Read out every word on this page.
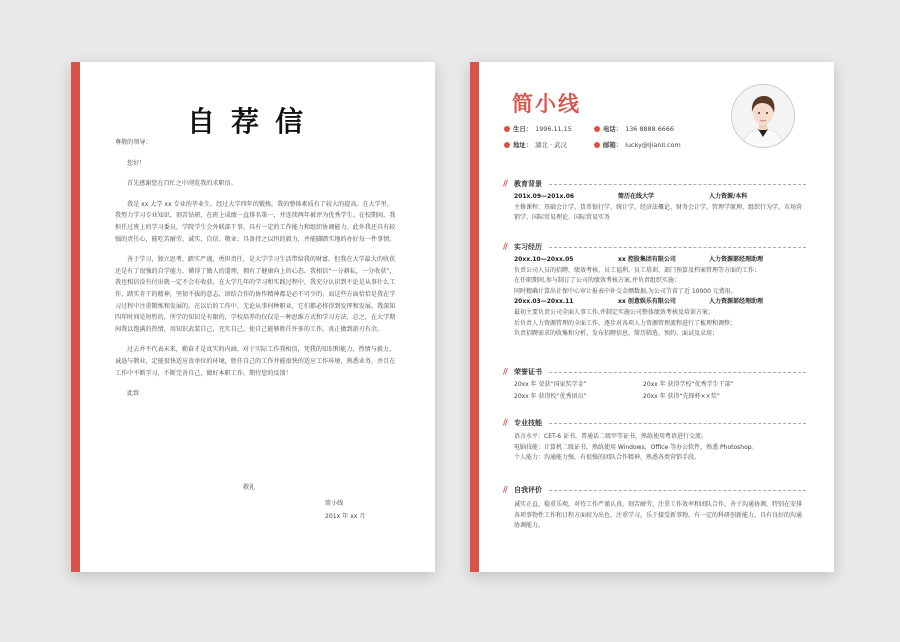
自荐信

尊敬的领导：

您好！

首先感谢您在百忙之中浏览我的求职信。

我是 xx 大学 xx 专业的毕业生。经过大学四年的锻炼，我的整体素质有了较大的提高。在大学里，我努力学习专业知识，刻苦钻研，在班上成绩一直排名第一，并连续两年被评为优秀学生。在校期间，我担任过班上的学习委员，学院学生会外联部干事，具有一定的工作能力和组织协调能力。此外我还具有较强的责任心，能吃苦耐劳、诚实、自信、敬业；具备持之以恒的毅力，并能脚踏实地的办好每一件事情。

善于学习，独立思考，踏实严谨，勇担责任，是大学学习生活带给我的财富。但我在大学最大的收获还是有了很强的自学能力，懂得了做人的道理，拥有了健康向上的心态。我相信“一分耕耘，一分收获”，我也相信没有付出就一定不会有收获。在大学几年的学习和实践过程中，我充分认识到不论是从事什么工作，踏实肯干的精神，坚韧不拔的意志，团结合作的协作精神都是必不可少的，而这些方面恰恰是我在学习过程中注重锻炼和发展的。在以后的工作中，无论从事何种职业，它们都必将得到发挥和发展。我深知四年时间是短暂的，所学的知识是有限的，学校培养的仅仅是一种思维方式和学习方法，总之，在大学期间我以饱满的热情，用知识武装自己，充实自己，使自己能够胜任许多的工作，真正做到游刃有余。

过去并不代表未来，勤奋才是真实的内涵。对于实际工作我相信，凭我的知识和能力、热情与毅力、诚恳与敬业，定能很快适应贵单位的环境，胜任自己的工作并能很快的适应工作环境，熟悉业务，并且在工作中不断学习，不断完善自己，做好本职工作。期待您的反馈！

此致

敬礼
简小线
201x 年 xx 月
简小线
生日： 1996.11.15	电话： 136 8888 6666
地址： 湖北 · 武汉	邮箱： lucky@ljianli.com
// 教育背景
201x.09—201x.06	简历在线大学	人力资源/本科

主修课程：基础会计学、货币银行学、统计学、经济法概论、财务会计学、管理学原理、组织行为学、市场营销学、国际贸易理论、国际贸易实务

// 实习经历
20xx.10—20xx.05	xx 控股集团有限公司	人力资源部经理助理

负责公司人员的招聘、绩效考核、员工福利、员工培训、部门预算及档案管理等方面的工作；

在任职期间,参与制订了公司的绩效考核方案,并负责组织实施；

同时精确计算出社保中心审计报表中补交金额数据,为公司节省了近 10000 元费用。

20xx.03—20xx.11	xx 创意娱乐有限公司	人力资源部经理助理

最初主要负责公司全面人事工作,并制定实施公司整体绩效考核及培训方案；

后负责人力资源管理的全面工作，逐步对各项人力资源管理流程进行了梳理和调整；

负责招聘需求的收集和分析，发布招聘信息，简历筛选、预约、面试及录用；

// 荣誉证书
20xx 年 荣获“国家奖学金”	20xx 年 获得学校“优秀学生干部”
20xx 年 获得校“优秀团员”	20xx 年 获得“先锋杯××奖”
// 专业技能

语言水平：CET-6 证书，普通话二级甲等证书，熟练使用粤语进行交流。

电脑技能：计算机二级证书，熟练使用 Windows，Office 等办公软件，熟悉 Photoshop。

个人能力：沟通能力强，有很强的团队合作精神，熟悉各类营销手段。

// 自我评价

诚实正直，稳重乐观，对待工作严谨认真，刻苦耐劳，注重工作效率和团队合作，善于沟通协调，特别在安排各项事物性工作和日程方面较为出色，注重学习，乐于接受新事物，有一定的科研创新能力。具有良好的沟通协调能力。
